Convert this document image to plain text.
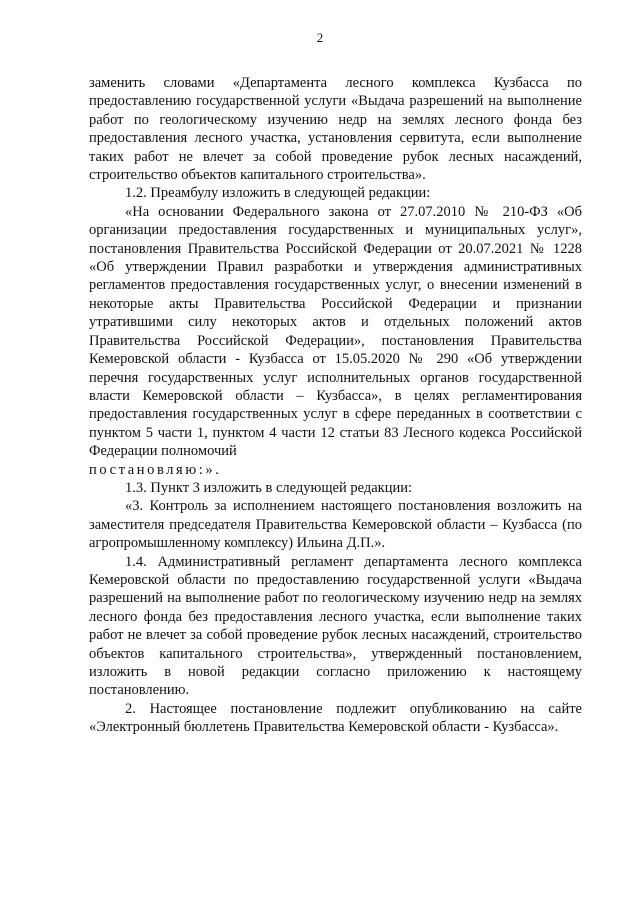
2

заменить словами «Департамента лесного комплекса Кузбасса по предоставлению государственной услуги «Выдача разрешений на выполнение работ по геологическому изучению недр на землях лесного фонда без предоставления лесного участка, установления сервитута, если выполнение таких работ не влечет за собой проведение рубок лесных насаждений, строительство объектов капитального строительства».

1.2. Преамбулу изложить в следующей редакции:

«На основании Федерального закона от 27.07.2010 № 210-ФЗ «Об организации предоставления государственных и муниципальных услуг», постановления Правительства Российской Федерации от 20.07.2021 № 1228 «Об утверждении Правил разработки и утверждения административных регламентов предоставления государственных услуг, о внесении изменений в некоторые акты Правительства Российской Федерации и признании утратившими силу некоторых актов и отдельных положений актов Правительства Российской Федерации», постановления Правительства Кемеровской области - Кузбасса от 15.05.2020 № 290 «Об утверждении перечня государственных услуг исполнительных органов государственной власти Кемеровской области – Кузбасса», в целях регламентирования предоставления государственных услуг в сфере переданных в соответствии с пунктом 5 части 1, пунктом 4 части 12 статьи 83 Лесного кодекса Российской Федерации полномочий

постановляю:».

1.3. Пункт 3 изложить в следующей редакции:

«3. Контроль за исполнением настоящего постановления возложить на заместителя председателя Правительства Кемеровской области – Кузбасса (по агропромышленному комплексу) Ильина Д.П.».

1.4. Административный регламент департамента лесного комплекса Кемеровской области по предоставлению государственной услуги «Выдача разрешений на выполнение работ по геологическому изучению недр на землях лесного фонда без предоставления лесного участка, если выполнение таких работ не влечет за собой проведение рубок лесных насаждений, строительство объектов капитального строительства», утвержденный постановлением, изложить в новой редакции согласно приложению к настоящему постановлению.

2. Настоящее постановление подлежит опубликованию на сайте «Электронный бюллетень Правительства Кемеровской области - Кузбасса».
